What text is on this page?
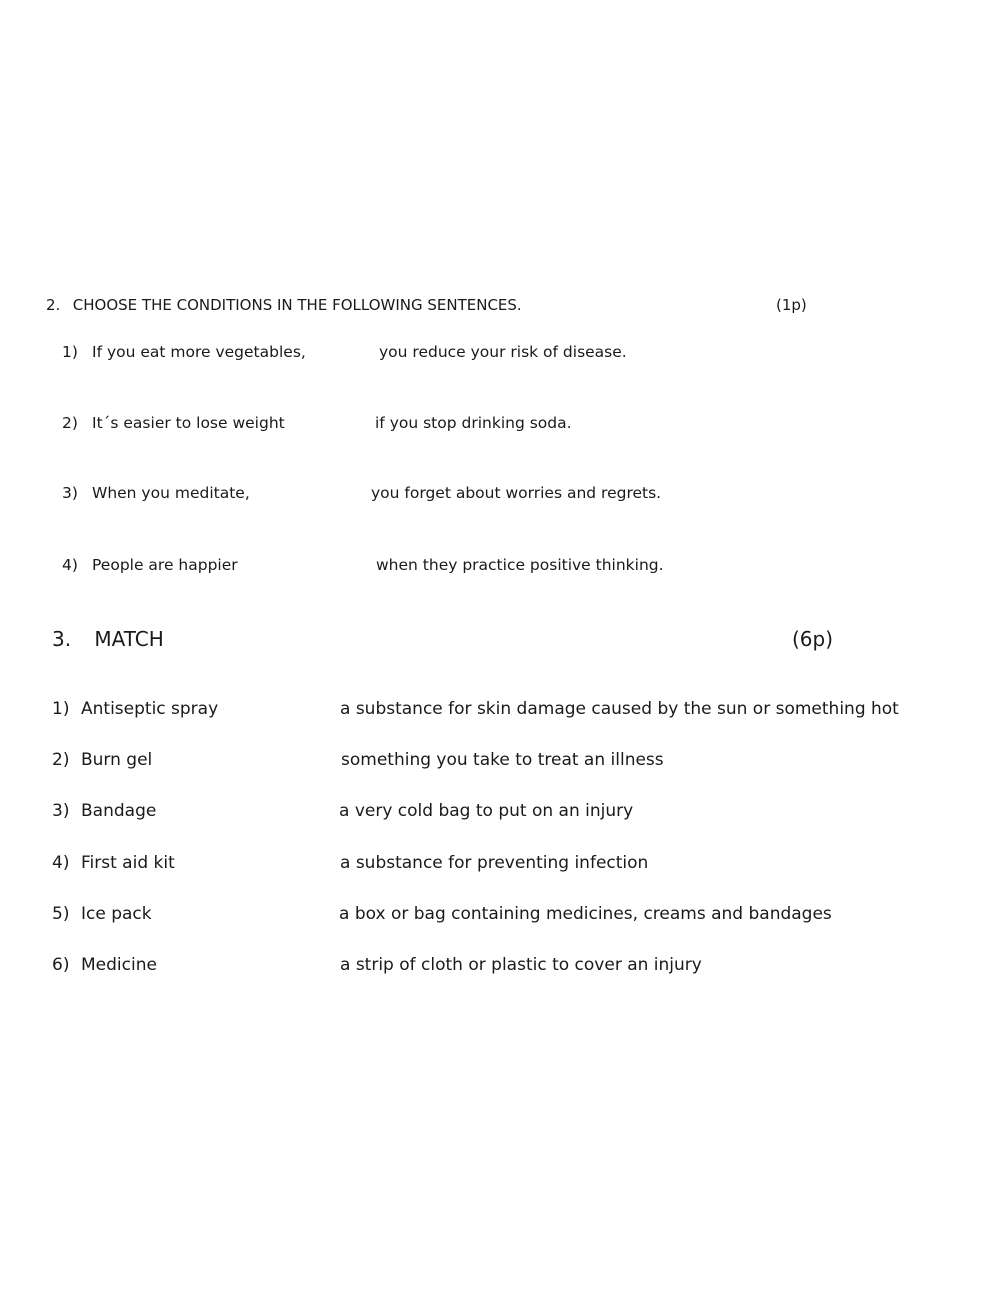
2. CHOOSE THE CONDITIONS IN THE FOLLOWING SENTENCES.	(1p)
1) If you eat more vegetables,	you reduce your risk of disease.
2) It´s easier to lose weight	if you stop drinking soda.
3) When you meditate,	you forget about worries and regrets.
4) People are happier	when they practice positive thinking.
3. MATCH	(6p)
1) Antiseptic spray	a substance for skin damage caused by the sun or something hot
2) Burn gel	something you take to treat an illness
3) Bandage	a very cold bag to put on an injury
4) First aid kit	a substance for preventing infection
5) Ice pack	a box or bag containing medicines, creams and bandages
6) Medicine	a strip of cloth or plastic to cover an injury
